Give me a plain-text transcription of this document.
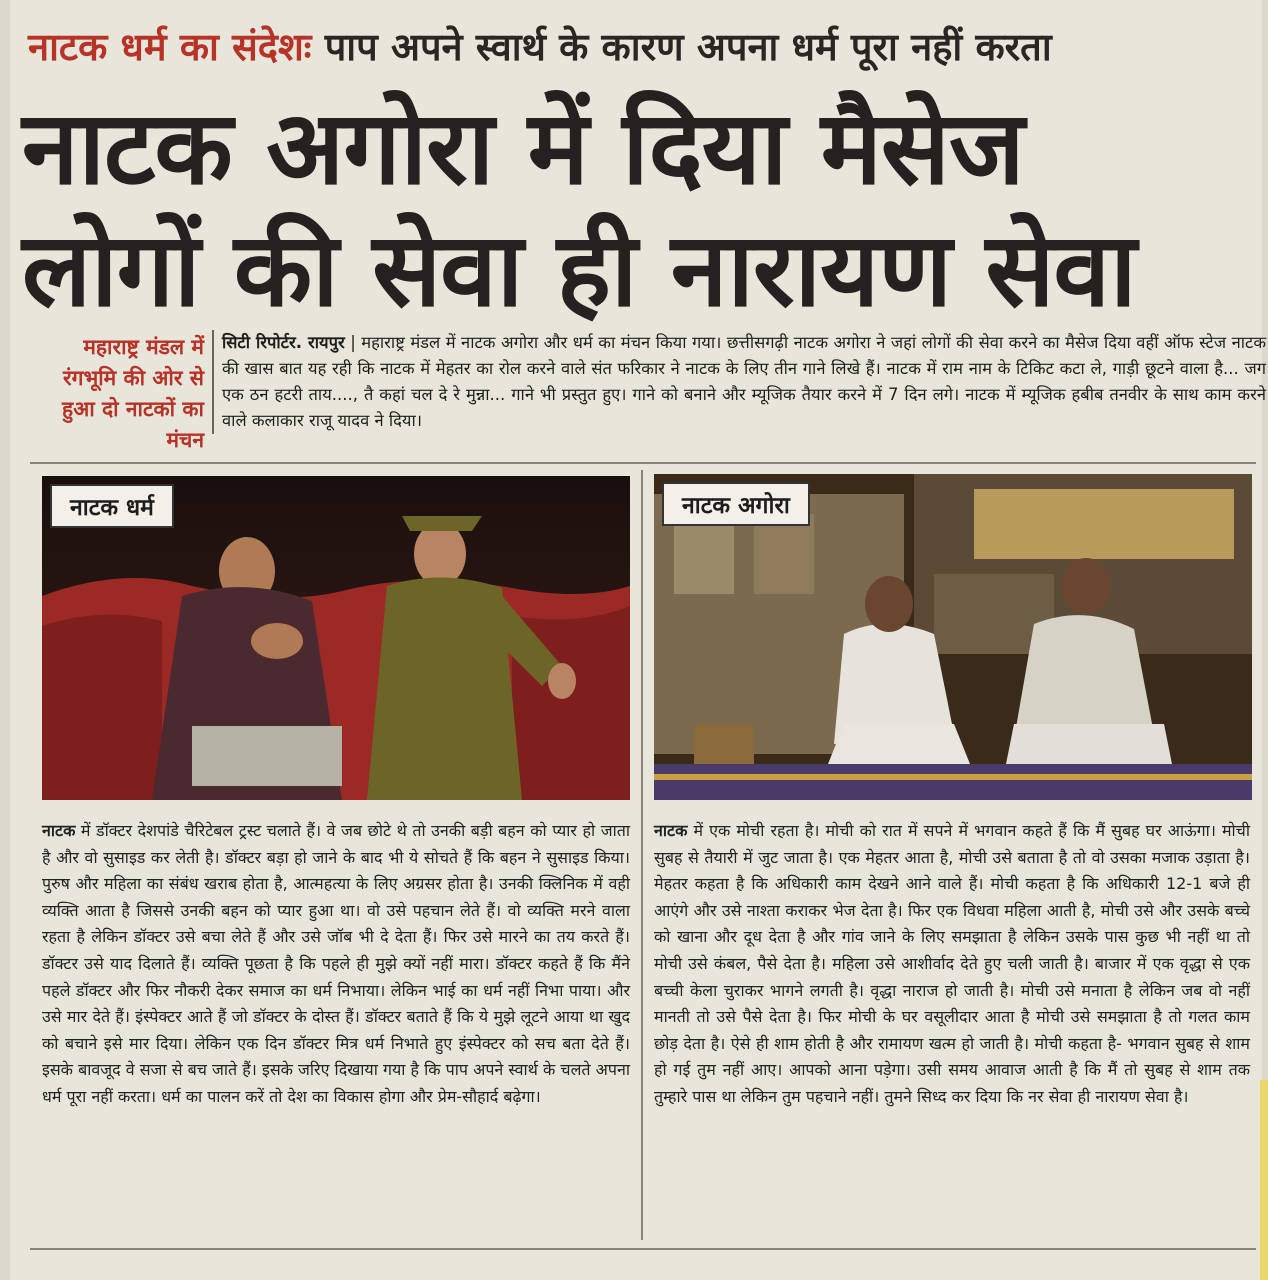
नाटक धर्म का संदेशः पाप अपने स्वार्थ के कारण अपना धर्म पूरा नहीं करता
नाटक अगोरा में दिया मैसेज
लोगों की सेवा ही नारायण सेवा
महाराष्ट्र मंडल में रंगभूमि की ओर से हुआ दो नाटकों का मंचन
सिटी रिपोर्टर. रायपुर | महाराष्ट्र मंडल में नाटक अगोरा और धर्म का मंचन किया गया। छत्तीसगढ़ी नाटक अगोरा ने जहां लोगों की सेवा करने का मैसेज दिया वहीं ऑफ स्टेज नाटक की खास बात यह रही कि नाटक में मेहतर का रोल करने वाले संत फरिकार ने नाटक के लिए तीन गाने लिखे हैं। नाटक में राम नाम के टिकिट कटा ले, गाड़ी छूटने वाला है... जग एक ठन हटरी ताय...., तै कहां चल दे रे मुन्ना... गाने भी प्रस्तुत हुए। गाने को बनाने और म्यूजिक तैयार करने में 7 दिन लगे। नाटक में म्यूजिक हबीब तनवीर के साथ काम करने वाले कलाकार राजू यादव ने दिया।
नाटक धर्म	नाटक अगोरा
नाटक में डॉक्टर देशपांडे चैरिटेबल ट्रस्ट चलाते हैं। वे जब छोटे थे तो उनकी बड़ी बहन को प्यार हो जाता है और वो सुसाइड कर लेती है। डॉक्टर बड़ा हो जाने के बाद भी ये सोचते हैं कि बहन ने सुसाइड किया। पुरुष और महिला का संबंध खराब होता है, आत्महत्या के लिए अग्रसर होता है। उनकी क्लिनिक में वही व्यक्ति आता है जिससे उनकी बहन को प्यार हुआ था। वो उसे पहचान लेते हैं। वो व्यक्ति मरने वाला रहता है लेकिन डॉक्टर उसे बचा लेते हैं और उसे जॉब भी दे देता हैं। फिर उसे मारने का तय करते हैं। डॉक्टर उसे याद दिलाते हैं। व्यक्ति पूछता है कि पहले ही मुझे क्यों नहीं मारा। डॉक्टर कहते हैं कि मैंने पहले डॉक्टर और फिर नौकरी देकर समाज का धर्म निभाया। लेकिन भाई का धर्म नहीं निभा पाया। और उसे मार देते हैं। इंस्पेक्टर आते हैं जो डॉक्टर के दोस्त हैं। डॉक्टर बताते हैं कि ये मुझे लूटने आया था खुद को बचाने इसे मार दिया। लेकिन एक दिन डॉक्टर मित्र धर्म निभाते हुए इंस्पेक्टर को सच बता देते हैं। इसके बावजूद वे सजा से बच जाते हैं। इसके जरिए दिखाया गया है कि पाप अपने स्वार्थ के चलते अपना धर्म पूरा नहीं करता। धर्म का पालन करें तो देश का विकास होगा और प्रेम-सौहार्द बढ़ेगा।
नाटक में एक मोची रहता है। मोची को रात में सपने में भगवान कहते हैं कि मैं सुबह घर आऊंगा। मोची सुबह से तैयारी में जुट जाता है। एक मेहतर आता है, मोची उसे बताता है तो वो उसका मजाक उड़ाता है। मेहतर कहता है कि अधिकारी काम देखने आने वाले हैं। मोची कहता है कि अधिकारी 12-1 बजे ही आएंगे और उसे नाश्ता कराकर भेज देता है। फिर एक विधवा महिला आती है, मोची उसे और उसके बच्चे को खाना और दूध देता है और गांव जाने के लिए समझाता है लेकिन उसके पास कुछ भी नहीं था तो मोची उसे कंबल, पैसे देता है। महिला उसे आशीर्वाद देते हुए चली जाती है। बाजार में एक वृद्धा से एक बच्ची केला चुराकर भागने लगती है। वृद्धा नाराज हो जाती है। मोची उसे मनाता है लेकिन जब वो नहीं मानती तो उसे पैसे देता है। फिर मोची के घर वसूलीदार आता है मोची उसे समझाता है तो गलत काम छोड़ देता है। ऐसे ही शाम होती है और रामायण खत्म हो जाती है। मोची कहता है- भगवान सुबह से शाम हो गई तुम नहीं आए। आपको आना पड़ेगा। उसी समय आवाज आती है कि मैं तो सुबह से शाम तक तुम्हारे पास था लेकिन तुम पहचाने नहीं। तुमने सिध्द कर दिया कि नर सेवा ही नारायण सेवा है।
